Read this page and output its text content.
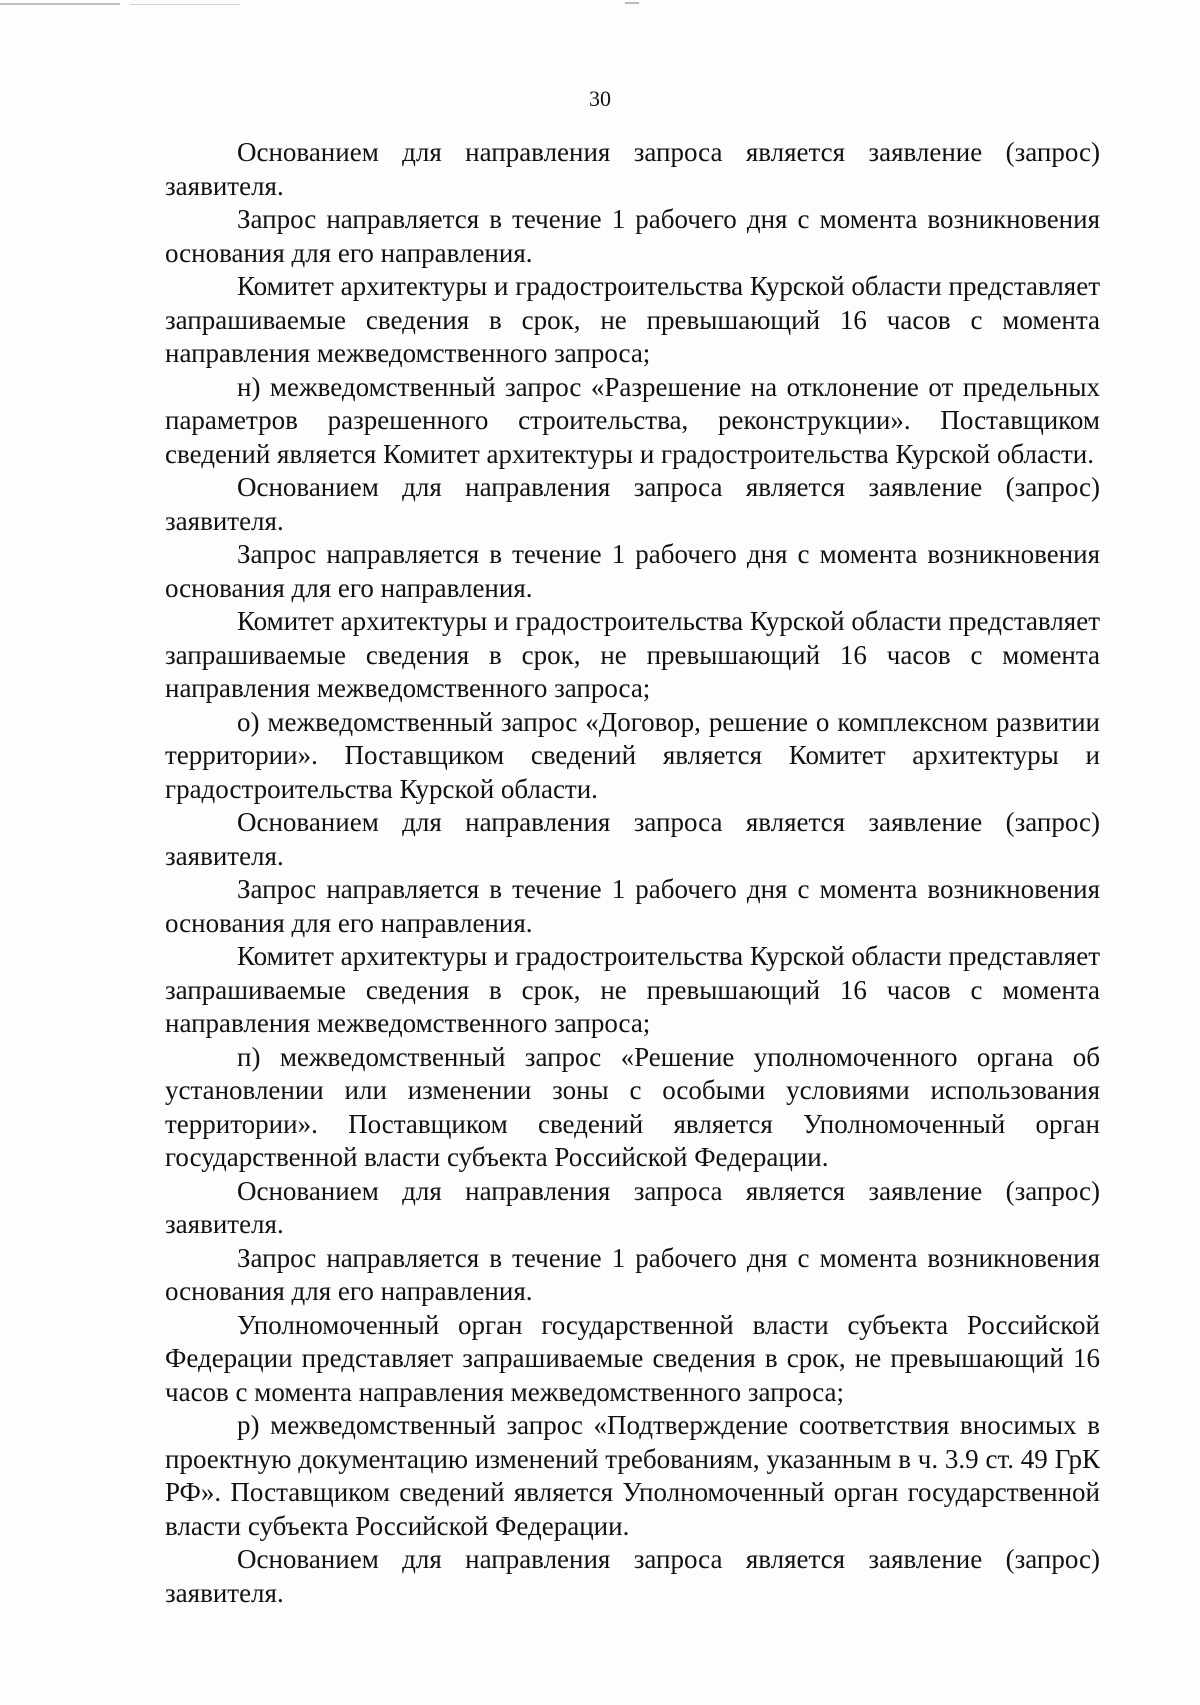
30

Основанием для направления запроса является заявление (запрос) заявителя.

Запрос направляется в течение 1 рабочего дня с момента возникновения основания для его направления.

Комитет архитектуры и градостроительства Курской области представляет запрашиваемые сведения в срок, не превышающий 16 часов с момента направления межведомственного запроса;

н) межведомственный запрос «Разрешение на отклонение от предельных параметров разрешенного строительства, реконструкции». Поставщиком сведений является Комитет архитектуры и градостроительства Курской области.

Основанием для направления запроса является заявление (запрос) заявителя.

Запрос направляется в течение 1 рабочего дня с момента возникновения основания для его направления.

Комитет архитектуры и градостроительства Курской области представляет запрашиваемые сведения в срок, не превышающий 16 часов с момента направления межведомственного запроса;

о) межведомственный запрос «Договор, решение о комплексном развитии территории». Поставщиком сведений является Комитет архитектуры и градостроительства Курской области.

Основанием для направления запроса является заявление (запрос) заявителя.

Запрос направляется в течение 1 рабочего дня с момента возникновения основания для его направления.

Комитет архитектуры и градостроительства Курской области представляет запрашиваемые сведения в срок, не превышающий 16 часов с момента направления межведомственного запроса;

п) межведомственный запрос «Решение уполномоченного органа об установлении или изменении зоны с особыми условиями использования территории». Поставщиком сведений является Уполномоченный орган государственной власти субъекта Российской Федерации.

Основанием для направления запроса является заявление (запрос) заявителя.

Запрос направляется в течение 1 рабочего дня с момента возникновения основания для его направления.

Уполномоченный орган государственной власти субъекта Российской Федерации представляет запрашиваемые сведения в срок, не превышающий 16 часов с момента направления межведомственного запроса;

р) межведомственный запрос «Подтверждение соответствия вносимых в проектную документацию изменений требованиям, указанным в ч. 3.9 ст. 49 ГрК РФ». Поставщиком сведений является Уполномоченный орган государственной власти субъекта Российской Федерации.

Основанием для направления запроса является заявление (запрос) заявителя.
